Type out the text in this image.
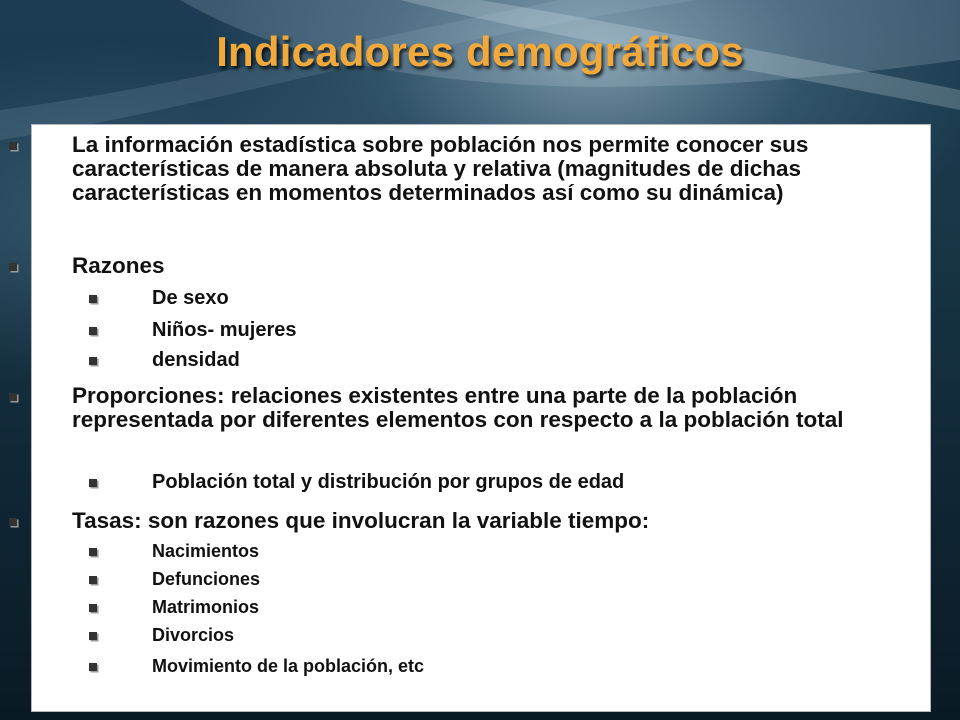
Indicadores demográficos
La información estadística sobre población nos permite conocer sus características de manera absoluta y relativa (magnitudes de dichas características en momentos determinados así como su dinámica)
Razones
De sexo
Niños- mujeres
densidad
Proporciones: relaciones existentes entre una parte de la población representada por diferentes elementos con respecto a la población total
Población total y distribución por grupos de edad
Tasas: son razones que involucran la variable tiempo:
Nacimientos
Defunciones
Matrimonios
Divorcios
Movimiento de la población, etc
